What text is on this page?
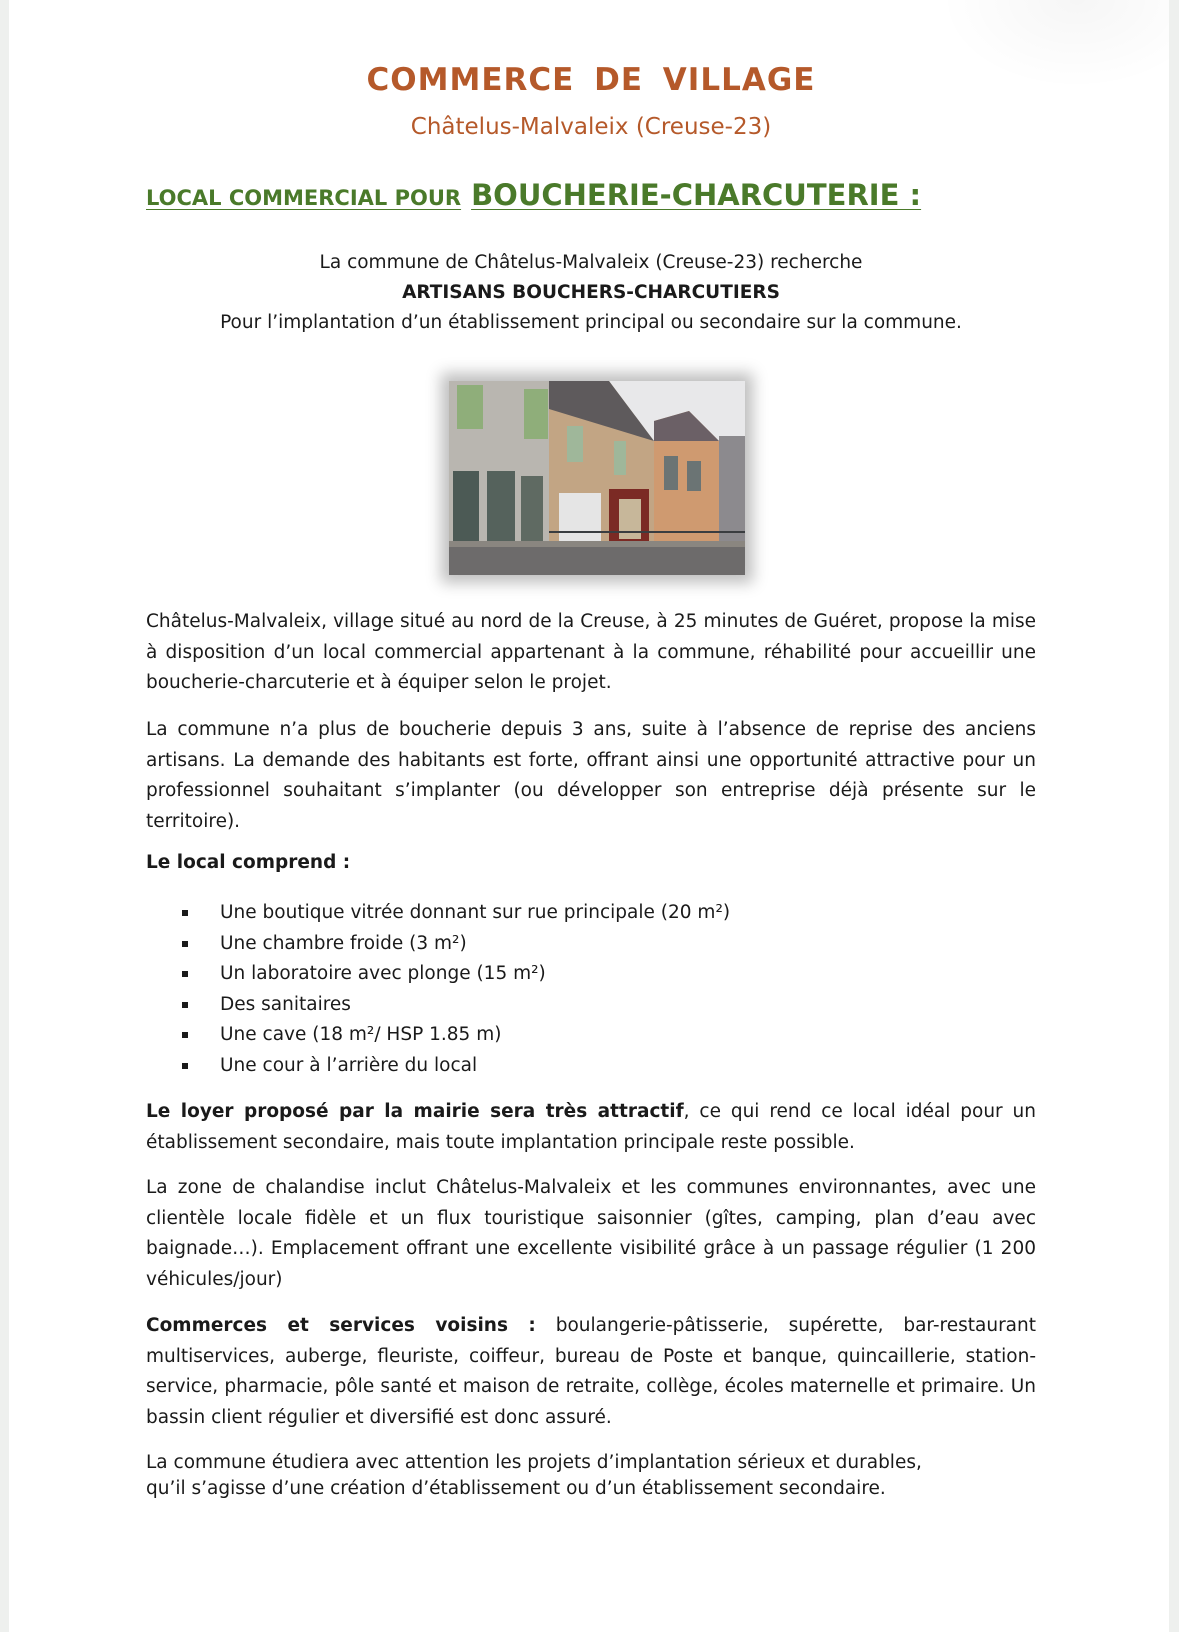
COMMERCE DE VILLAGE
Châtelus-Malvaleix (Creuse-23)
LOCAL COMMERCIAL POUR BOUCHERIE-CHARCUTERIE :
La commune de Châtelus-Malvaleix (Creuse-23) recherche
ARTISANS BOUCHERS-CHARCUTIERS
Pour l’implantation d’un établissement principal ou secondaire sur la commune.

Châtelus-Malvaleix, village situé au nord de la Creuse, à 25 minutes de Guéret, propose la mise à disposition d’un local commercial appartenant à la commune, réhabilité pour accueillir une boucherie-charcuterie et à équiper selon le projet.

La commune n’a plus de boucherie depuis 3 ans, suite à l’absence de reprise des anciens artisans. La demande des habitants est forte, offrant ainsi une opportunité attractive pour un professionnel souhaitant s’implanter (ou développer son entreprise déjà présente sur le territoire).

Le local comprend :
Une boutique vitrée donnant sur rue principale (20 m²)
Une chambre froide (3 m²)
Un laboratoire avec plonge (15 m²)
Des sanitaires
Une cave (18 m²/ HSP 1.85 m)
Une cour à l’arrière du local

Le loyer proposé par la mairie sera très attractif, ce qui rend ce local idéal pour un établissement secondaire, mais toute implantation principale reste possible.

La zone de chalandise inclut Châtelus-Malvaleix et les communes environnantes, avec une clientèle locale fidèle et un flux touristique saisonnier (gîtes, camping, plan d’eau avec baignade…). Emplacement offrant une excellente visibilité grâce à un passage régulier (1 200 véhicules/jour)

Commerces et services voisins : boulangerie-pâtisserie, supérette, bar-restaurant multiservices, auberge, fleuriste, coiffeur, bureau de Poste et banque, quincaillerie, station-service, pharmacie, pôle santé et maison de retraite, collège, écoles maternelle et primaire. Un bassin client régulier et diversifié est donc assuré.

La commune étudiera avec attention les projets d’implantation sérieux et durables,
qu’il s’agisse d’une création d’établissement ou d’un établissement secondaire.
